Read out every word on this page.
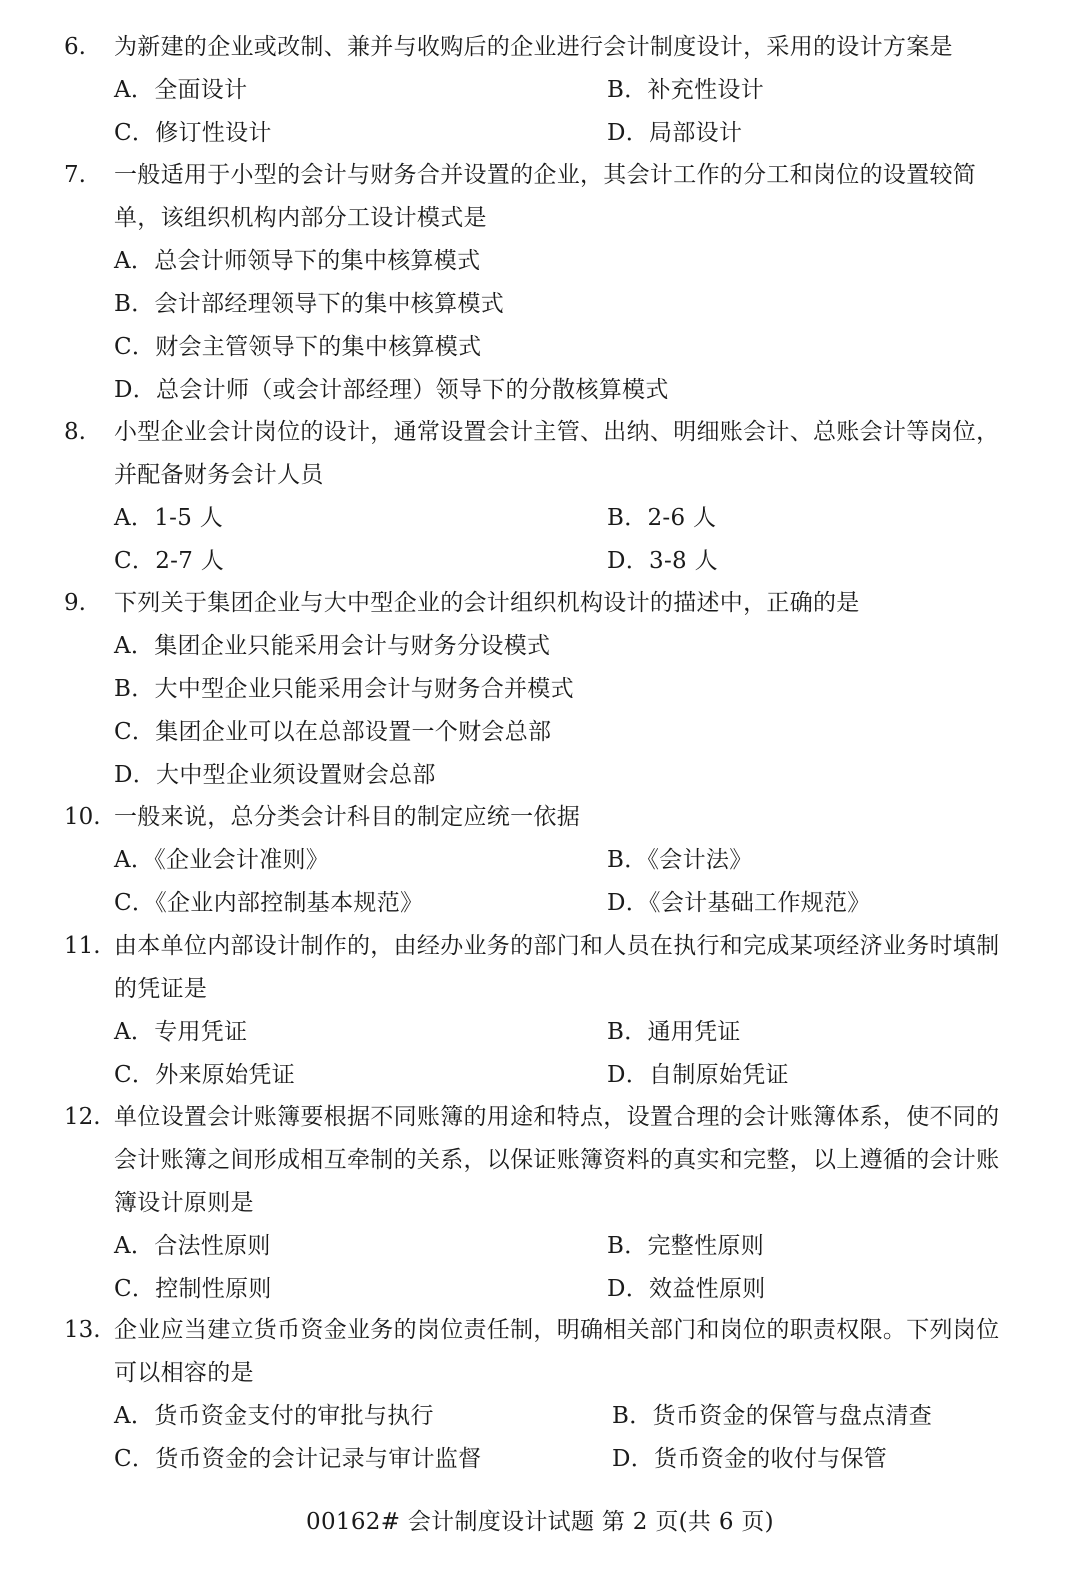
6. 为新建的企业或改制、兼并与收购后的企业进行会计制度设计，采用的设计方案是
A．全面设计	B．补充性设计
C．修订性设计	D．局部设计
7. 一般适用于小型的会计与财务合并设置的企业，其会计工作的分工和岗位的设置较简单，该组织机构内部分工设计模式是
A．总会计师领导下的集中核算模式
B．会计部经理领导下的集中核算模式
C．财会主管领导下的集中核算模式
D．总会计师（或会计部经理）领导下的分散核算模式
8. 小型企业会计岗位的设计，通常设置会计主管、出纳、明细账会计、总账会计等岗位，并配备财务会计人员
A．1-5 人	B．2-6 人
C．2-7 人	D．3-8 人
9. 下列关于集团企业与大中型企业的会计组织机构设计的描述中，正确的是
A．集团企业只能采用会计与财务分设模式
B．大中型企业只能采用会计与财务合并模式
C．集团企业可以在总部设置一个财会总部
D．大中型企业须设置财会总部
10. 一般来说，总分类会计科目的制定应统一依据
A．《企业会计准则》	B．《会计法》
C．《企业内部控制基本规范》	D．《会计基础工作规范》
11. 由本单位内部设计制作的，由经办业务的部门和人员在执行和完成某项经济业务时填制的凭证是
A．专用凭证	B．通用凭证
C．外来原始凭证	D．自制原始凭证
12. 单位设置会计账簿要根据不同账簿的用途和特点，设置合理的会计账簿体系，使不同的会计账簿之间形成相互牵制的关系，以保证账簿资料的真实和完整，以上遵循的会计账簿设计原则是
A．合法性原则	B．完整性原则
C．控制性原则	D．效益性原则
13. 企业应当建立货币资金业务的岗位责任制，明确相关部门和岗位的职责权限。下列岗位可以相容的是
A．货币资金支付的审批与执行	B．货币资金的保管与盘点清查
C．货币资金的会计记录与审计监督	D．货币资金的收付与保管
00162# 会计制度设计试题 第 2 页(共 6 页)
